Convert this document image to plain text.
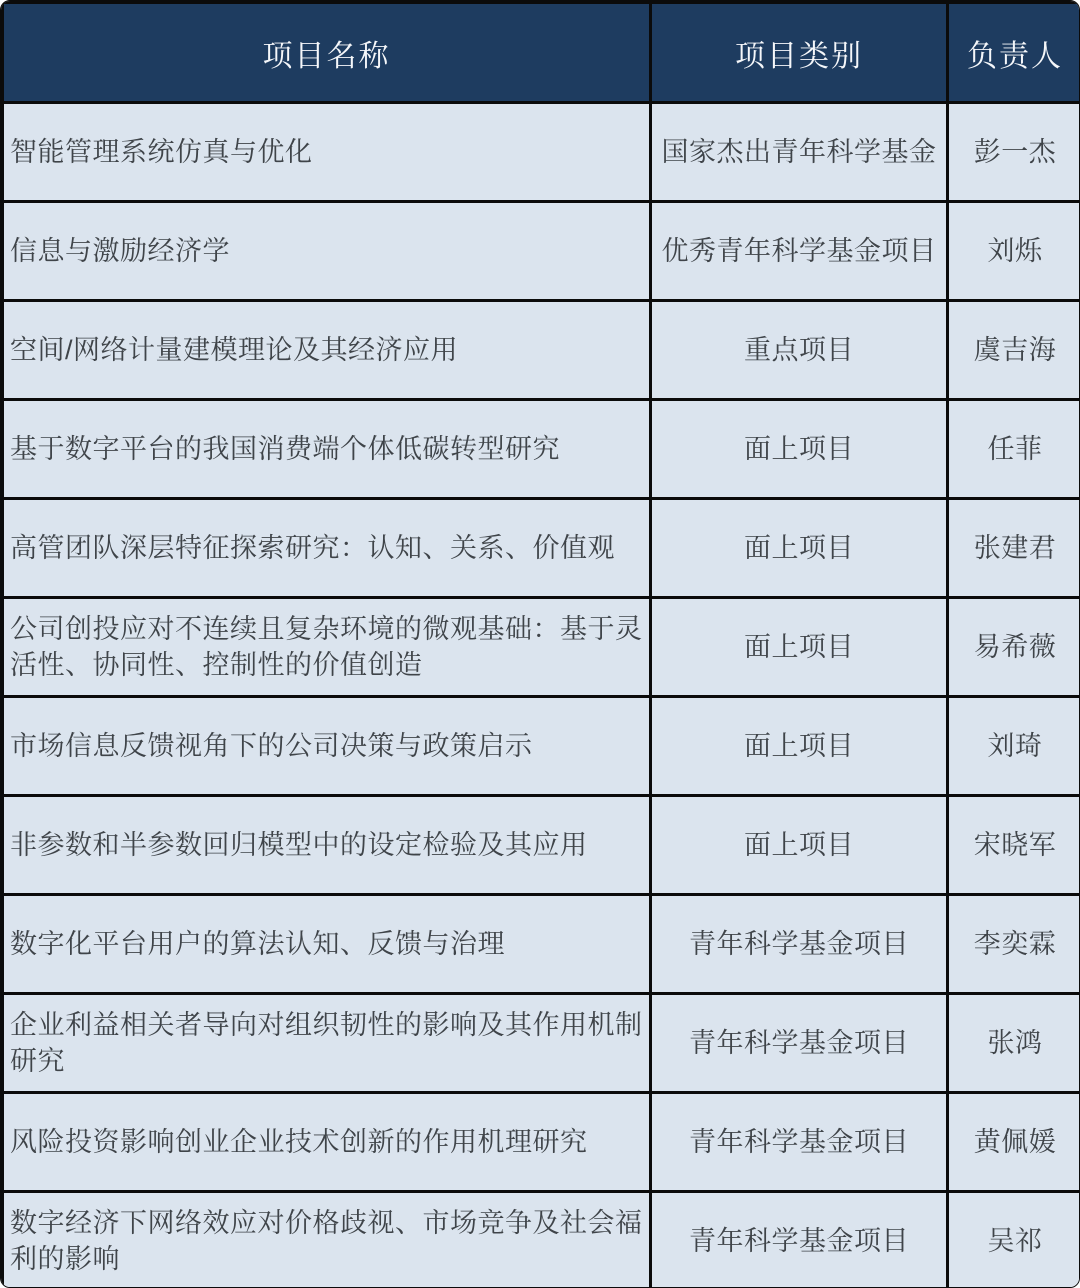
项目名称	项目类别	负责人
智能管理系统仿真与优化	国家杰出青年科学基金	彭一杰
信息与激励经济学	优秀青年科学基金项目	刘烁
空间/网络计量建模理论及其经济应用	重点项目	虞吉海
基于数字平台的我国消费端个体低碳转型研究	面上项目	任菲
高管团队深层特征探索研究：认知、关系、价值观	面上项目	张建君
公司创投应对不连续且复杂环境的微观基础：基于灵活性、协同性、控制性的价值创造	面上项目	易希薇
市场信息反馈视角下的公司决策与政策启示	面上项目	刘琦
非参数和半参数回归模型中的设定检验及其应用	面上项目	宋晓军
数字化平台用户的算法认知、反馈与治理	青年科学基金项目	李奕霖
企业利益相关者导向对组织韧性的影响及其作用机制研究	青年科学基金项目	张鸿
风险投资影响创业企业技术创新的作用机理研究	青年科学基金项目	黄佩媛
数字经济下网络效应对价格歧视、市场竞争及社会福利的影响	青年科学基金项目	吴祁
